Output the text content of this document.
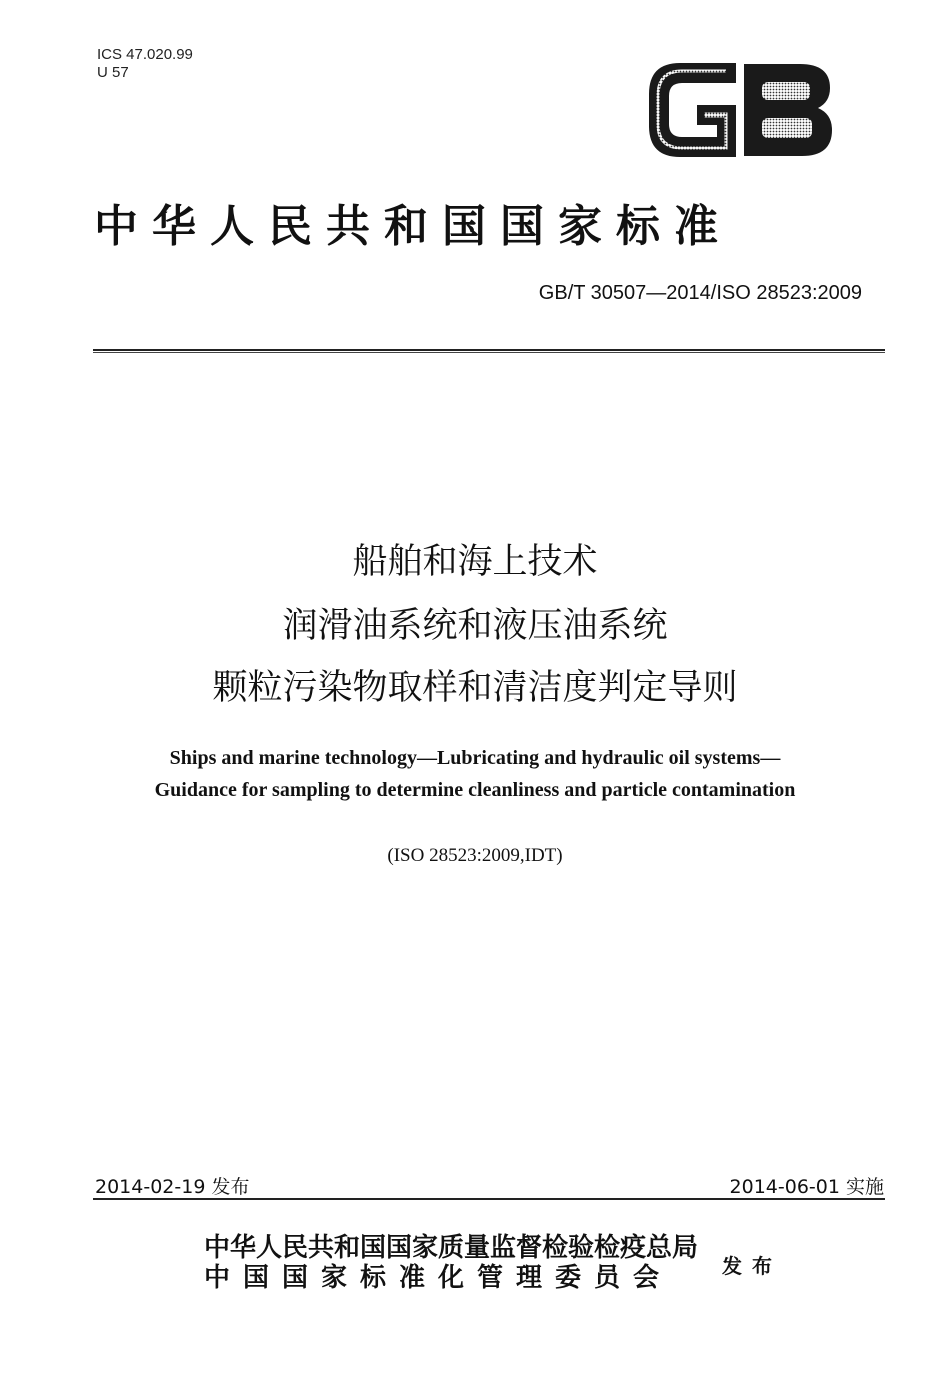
ICS 47.020.99
U 57
中华人民共和国国家标准
GB/T 30507—2014/ISO 28523:2009
船舶和海上技术
润滑油系统和液压油系统
颗粒污染物取样和清洁度判定导则
Ships and marine technology—Lubricating and hydraulic oil systems—
Guidance for sampling to determine cleanliness and particle contamination
(ISO 28523:2009,IDT)
2014-02-19 发布	2014-06-01 实施
中华人民共和国国家质量监督检验检疫总局
中国国家标准化管理委员会	发布
